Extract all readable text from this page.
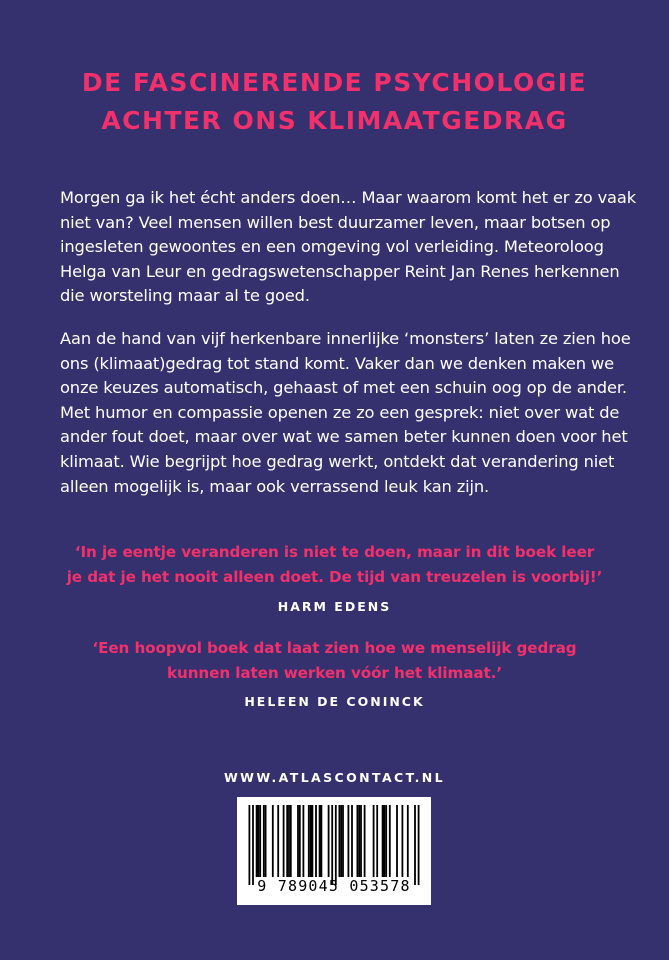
DE FASCINERENDE PSYCHOLOGIE
ACHTER ONS KLIMAATGEDRAG

Morgen ga ik het écht anders doen… Maar waarom komt het er zo vaak
niet van? Veel mensen willen best duurzamer leven, maar botsen op
ingesleten gewoontes en een omgeving vol verleiding. Meteoroloog
Helga van Leur en gedragswetenschapper Reint Jan Renes herkennen
die worsteling maar al te goed.

Aan de hand van vijf herkenbare innerlijke ‘monsters’ laten ze zien hoe
ons (klimaat)gedrag tot stand komt. Vaker dan we denken maken we
onze keuzes automatisch, gehaast of met een schuin oog op de ander.
Met humor en compassie openen ze zo een gesprek: niet over wat de
ander fout doet, maar over wat we samen beter kunnen doen voor het
klimaat. Wie begrijpt hoe gedrag werkt, ontdekt dat verandering niet
alleen mogelijk is, maar ook verrassend leuk kan zijn.

‘In je eentje veranderen is niet te doen, maar in dit boek leer
je dat je het nooit alleen doet. De tijd van treuzelen is voorbij!’

HARM EDENS

‘Een hoopvol boek dat laat zien hoe we menselijk gedrag
kunnen laten werken vóór het klimaat.’

HELEEN DE CONINCK
WWW.ATLASCONTACT.NL
9 789045 053578
